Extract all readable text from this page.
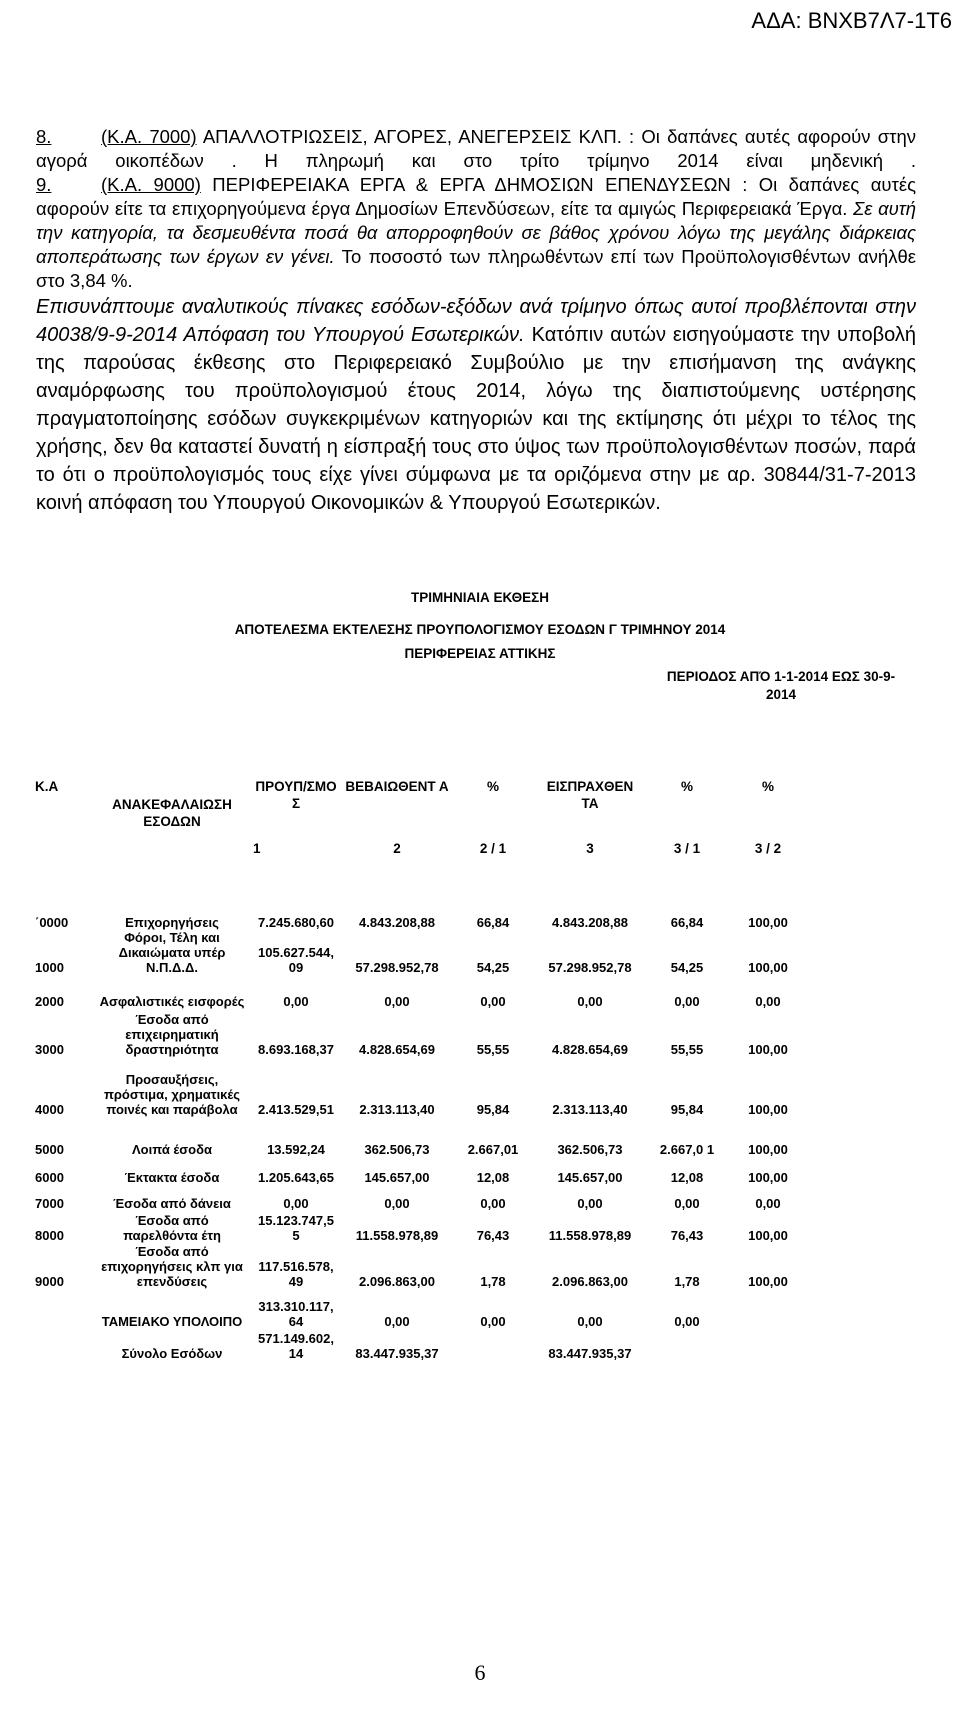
ΑΔΑ: ΒΝΧΒ7Λ7-1Τ6

8.	(Κ.Α. 7000) ΑΠΑΛΛΟΤΡΙΩΣΕΙΣ, ΑΓΟΡΕΣ, ΑΝΕΓΕΡΣΕΙΣ ΚΛΠ. : Οι δαπάνες αυτές αφορούν στην αγορά οικοπέδων . Η πληρωμή και στο τρίτο τρίμηνο 2014 είναι μηδενική .

9.	(Κ.Α. 9000) ΠΕΡΙΦΕΡΕΙΑΚΑ ΕΡΓΑ & ΕΡΓΑ ΔΗΜΟΣΙΩΝ ΕΠΕΝΔΥΣΕΩΝ : Οι δαπάνες αυτές αφορούν είτε τα επιχορηγούμενα έργα Δημοσίων Επενδύσεων, είτε τα αμιγώς Περιφερειακά Έργα. Σε αυτή την κατηγορία, τα δεσμευθέντα ποσά θα απορροφηθούν σε βάθος χρόνου λόγω της μεγάλης διάρκειας αποπεράτωσης των έργων εν γένει. Το ποσοστό των πληρωθέντων επί των Προϋπολογισθέντων ανήλθε στο 3,84 %.

Επισυνάπτουμε αναλυτικούς πίνακες εσόδων-εξόδων ανά τρίμηνο όπως αυτοί προβλέπονται στην 40038/9-9-2014 Απόφαση του Υπουργού Εσωτερικών. Κατόπιν αυτών εισηγούμαστε την υποβολή της παρούσας έκθεσης στο Περιφερειακό Συμβούλιο με την επισήμανση της ανάγκης αναμόρφωσης του προϋπολογισμού έτους 2014, λόγω της διαπιστούμενης υστέρησης πραγματοποίησης εσόδων συγκεκριμένων κατηγοριών και της εκτίμησης ότι μέχρι το τέλος της χρήσης, δεν θα καταστεί δυνατή η είσπραξή τους στο ύψος των προϋπολογισθέντων ποσών, παρά το ότι ο προϋπολογισμός τους είχε γίνει σύμφωνα με τα οριζόμενα στην με αρ. 30844/31-7-2013 κοινή απόφαση του Υπουργού Οικονομικών & Υπουργού Εσωτερικών.

ΤΡΙΜΗΝΙΑΙΑ ΕΚΘΕΣΗ
ΑΠΟΤΕΛΕΣΜΑ ΕΚΤΕΛΕΣΗΣ ΠΡΟΥΠΟΛΟΓΙΣΜΟΥ ΕΣΟΔΩΝ Γ ΤΡΙΜΗΝΟΥ 2014
ΠΕΡΙΦΕΡΕΙΑΣ ΑΤΤΙΚΗΣ
ΠΕΡΙΟΔΟΣ ΑΠΌ 1-1-2014 ΕΩΣ 30-9-2014
Κ.Α	ΑΝΑΚΕΦΑΛΑΙΩΣΗ ΕΣΟΔΩΝ	ΠΡΟΥΠ/ΣΜΟ Σ	ΒΕΒΑΙΩΘΕΝΤ Α	%	ΕΙΣΠΡΑΧΘΕΝ ΤΑ	%	%
		1	2	2 / 1	3	3 / 1	3 / 2
΄0000	Επιχορηγήσεις	7.245.680,60	4.843.208,88	66,84	4.843.208,88	66,84	100,00
1000	Φόροι, Τέλη και Δικαιώματα υπέρ Ν.Π.Δ.Δ.	105.627.544, 09	57.298.952,78	54,25	57.298.952,78	54,25	100,00
2000	Ασφαλιστικές εισφορές	0,00	0,00	0,00	0,00	0,00	0,00
3000	Έσοδα από επιχειρηματική δραστηριότητα	8.693.168,37	4.828.654,69	55,55	4.828.654,69	55,55	100,00
4000	Προσαυξήσεις, πρόστιμα, χρηματικές ποινές και παράβολα	2.413.529,51	2.313.113,40	95,84	2.313.113,40	95,84	100,00
5000	Λοιπά έσοδα	13.592,24	362.506,73	2.667,01	362.506,73	2.667,0 1	100,00
6000	Έκτακτα έσοδα	1.205.643,65	145.657,00	12,08	145.657,00	12,08	100,00
7000	Έσοδα από δάνεια	0,00	0,00	0,00	0,00	0,00	0,00
8000	Έσοδα από παρελθόντα έτη	15.123.747,5 5	11.558.978,89	76,43	11.558.978,89	76,43	100,00
9000	Έσοδα από επιχορηγήσεις κλπ για επενδύσεις	117.516.578, 49	2.096.863,00	1,78	2.096.863,00	1,78	100,00
	ΤΑΜΕΙΑΚΟ ΥΠΟΛΟΙΠΟ	313.310.117, 64	0,00	0,00	0,00	0,00	
	Σύνολο Εσόδων	571.149.602, 14	83.447.935,37		83.447.935,37		
6
